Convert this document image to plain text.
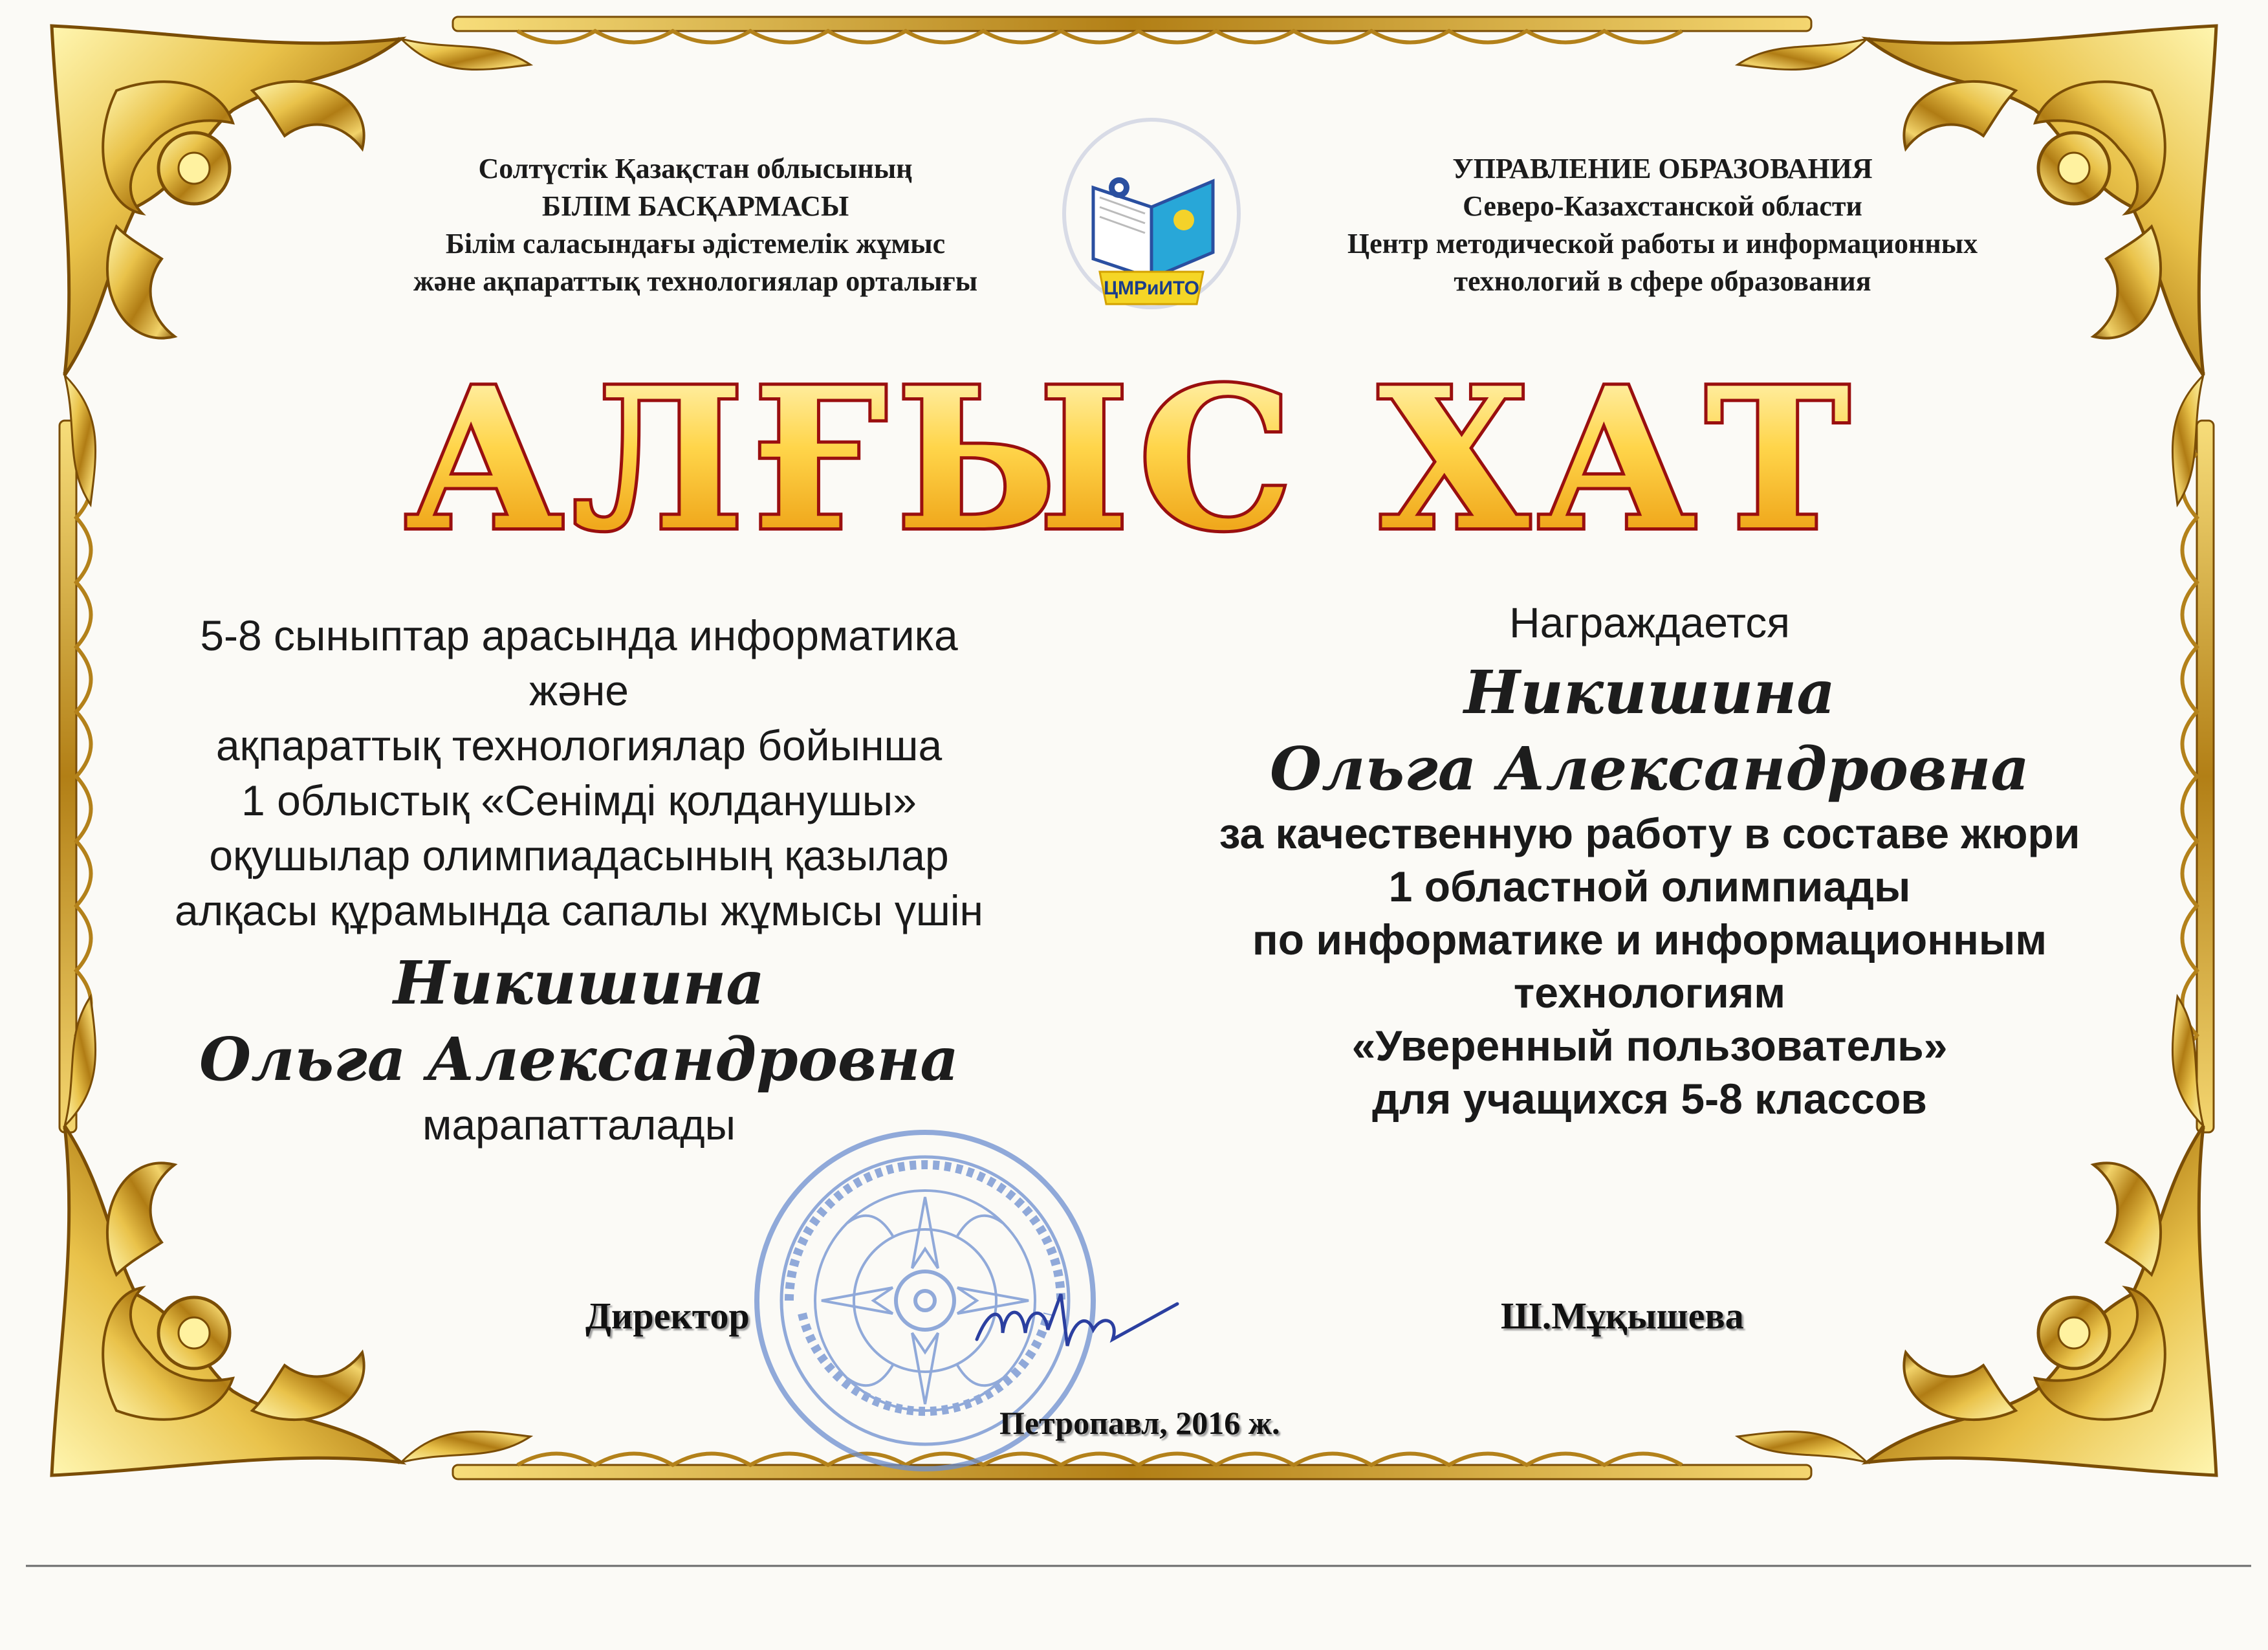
Солтүстік Қазақстан облысының
БІЛІМ БАСҚАРМАСЫ
Білім саласындағы әдістемелік жұмыс
және ақпараттық технологиялар орталығы	ЦМРиИТО
УПРАВЛЕНИЕ ОБРАЗОВАНИЯ
Северо-Казахстанской области
Центр методической работы и информационных
технологий в сфере образования
АЛҒЫС ХАТ
5-8 сыныптар арасында информатика және
ақпараттық технологиялар бойынша
1 облыстық «Сенімді қолданушы»
оқушылар олимпиадасының қазылар
алқасы құрамында сапалы жұмысы үшін
Никишина
Ольга Александровна
марапатталады
Награждается
Никишина
Ольга Александровна
за качественную работу в составе жюри
1 областной олимпиады
по информатике и информационным
технологиям
«Уверенный пользователь»
для учащихся 5-8 классов
Директор	Ш.Мұқышева
Петропавл, 2016 ж.
